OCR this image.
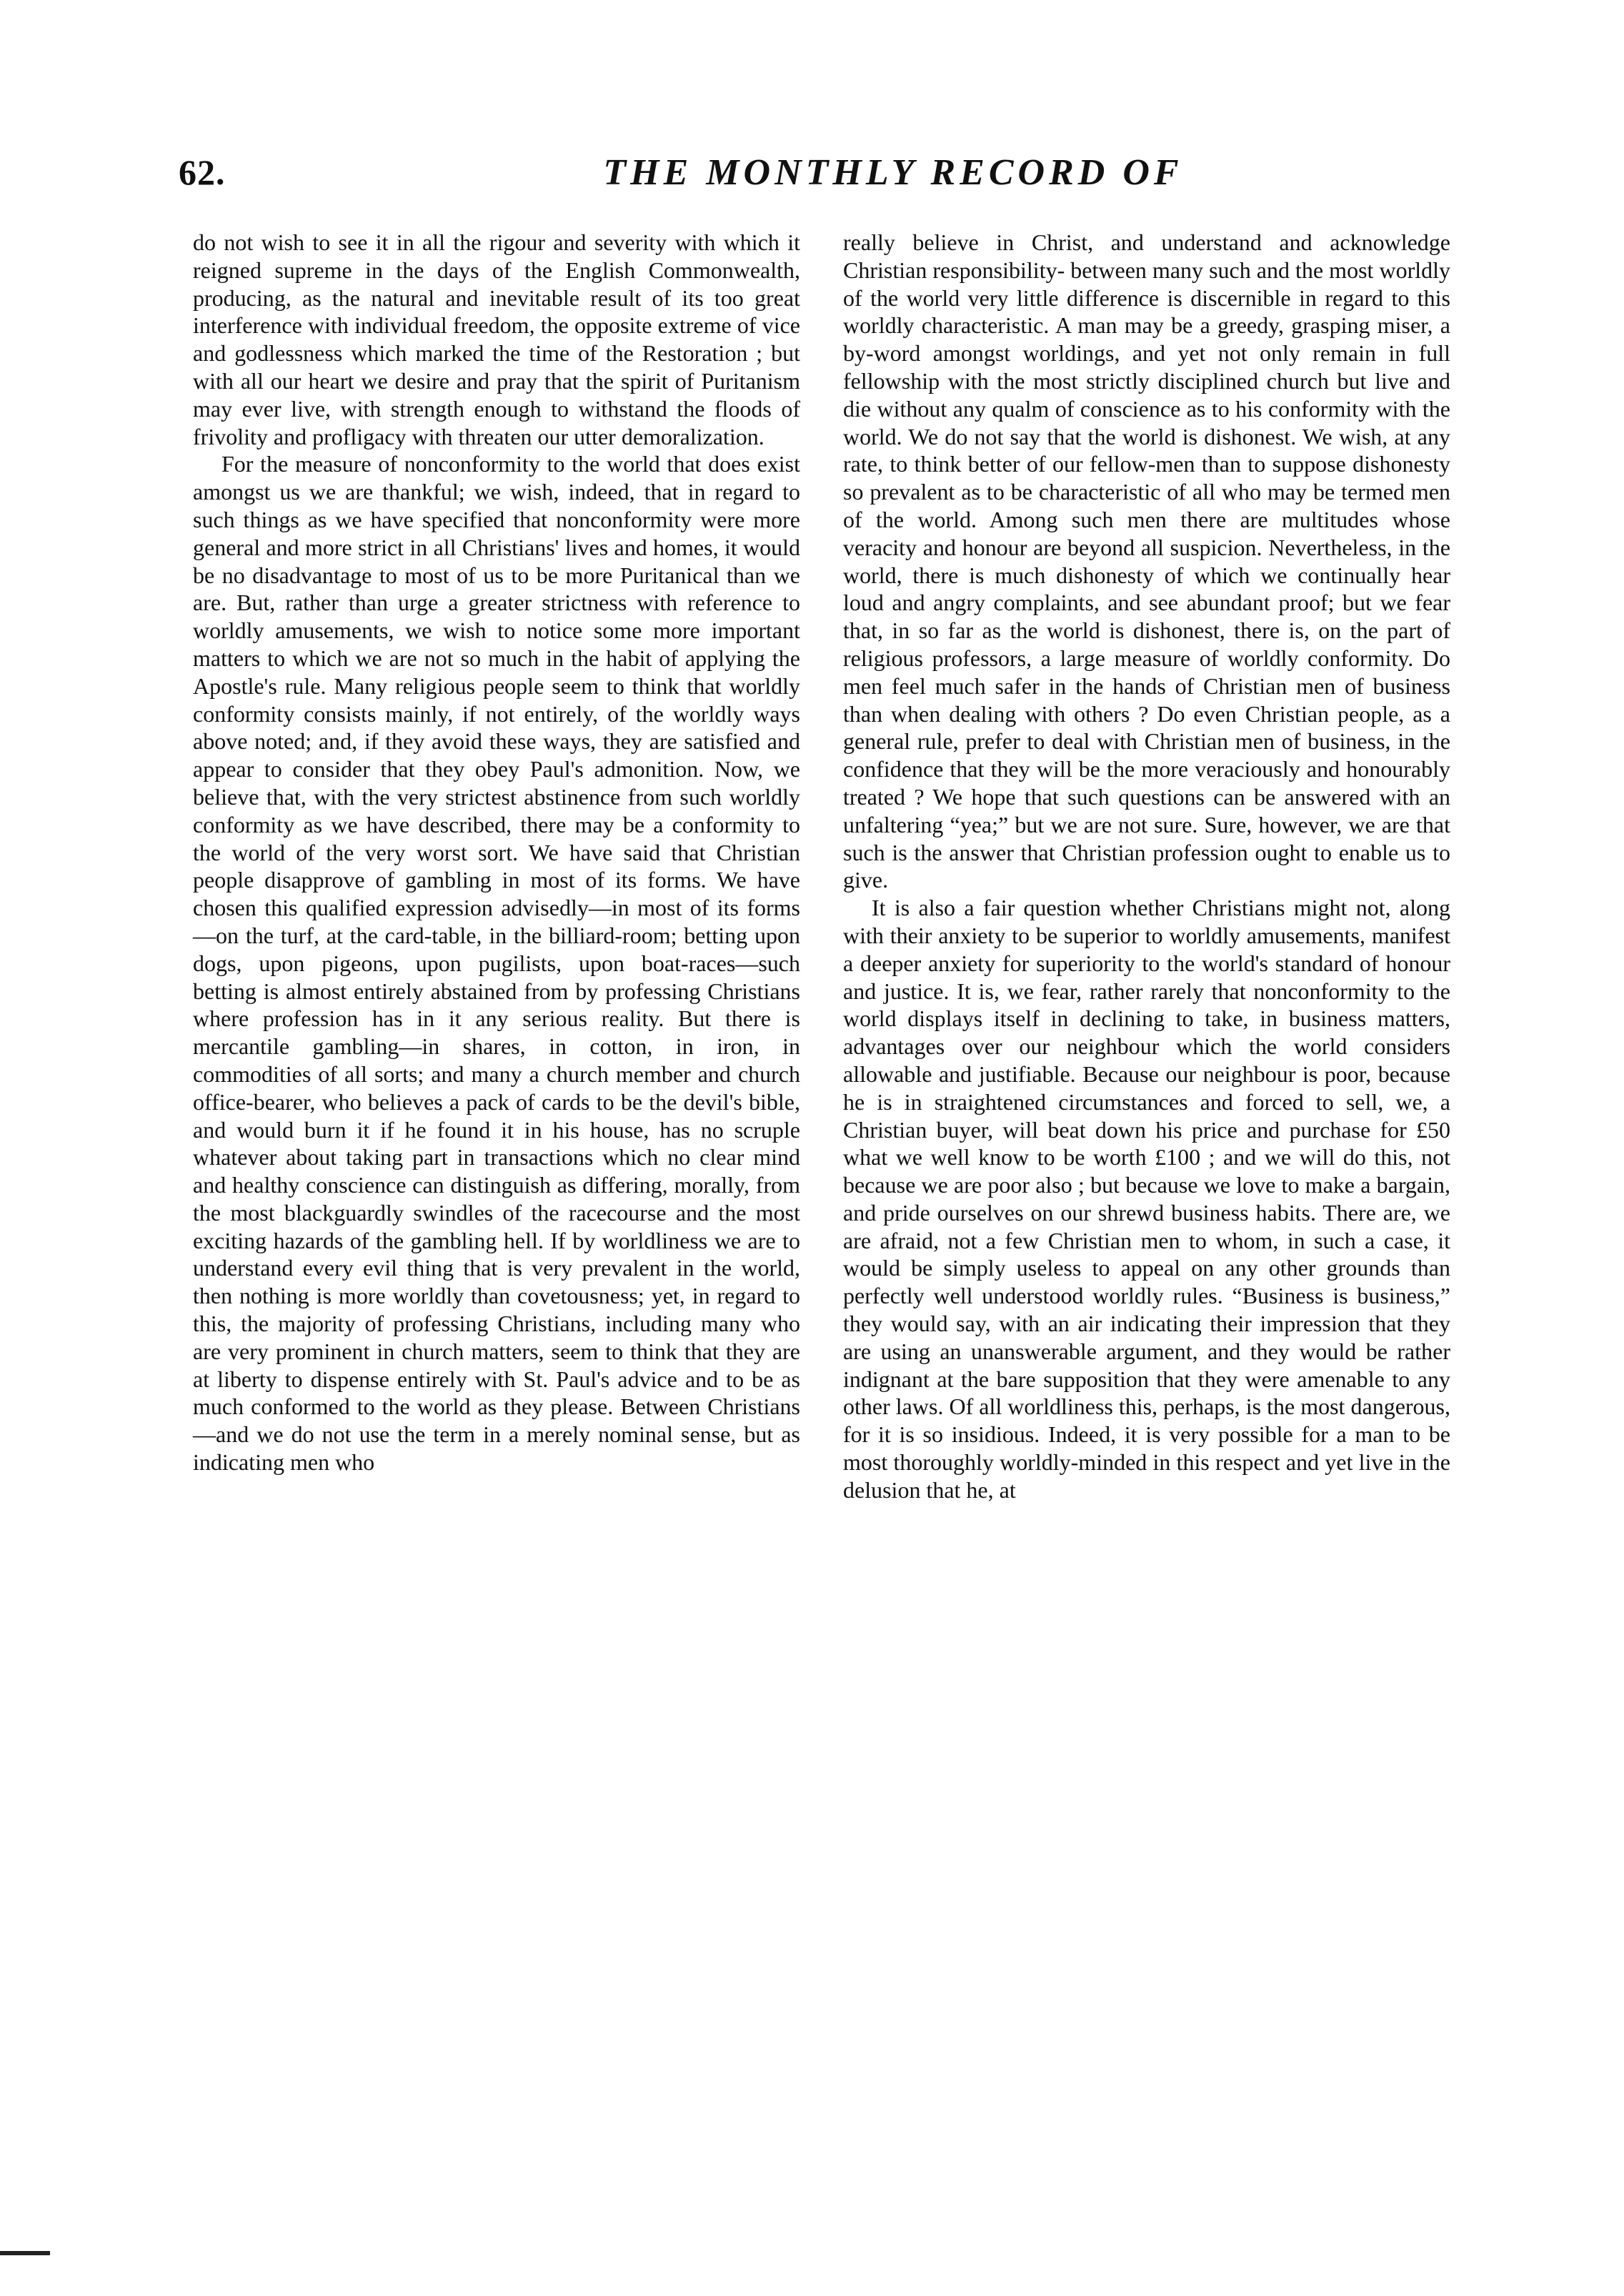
62.	THE MONTHLY RECORD OF

do not wish to see it in all the rigour and severity with which it reigned supreme in the days of the English Commonwealth, producing, as the natural and inevitable result of its too great interference with individual freedom, the opposite extreme of vice and godlessness which marked the time of the Restoration ; but with all our heart we desire and pray that the spirit of Puritanism may ever live, with strength enough to withstand the floods of frivolity and profligacy with threaten our utter demoralization.

For the measure of nonconformity to the world that does exist amongst us we are thankful; we wish, indeed, that in regard to such things as we have specified that nonconformity were more general and more strict in all Christians' lives and homes, it would be no disadvantage to most of us to be more Puritanical than we are. But, rather than urge a greater strictness with reference to worldly amusements, we wish to notice some more important matters to which we are not so much in the habit of applying the Apostle's rule. Many religious people seem to think that worldly conformity consists mainly, if not entirely, of the worldly ways above noted; and, if they avoid these ways, they are satisfied and appear to consider that they obey Paul's admonition. Now, we believe that, with the very strictest abstinence from such worldly conformity as we have described, there may be a conformity to the world of the very worst sort. We have said that Christian people disapprove of gambling in most of its forms. We have chosen this qualified expression advisedly—in most of its forms —on the turf, at the card-table, in the billiard-room; betting upon dogs, upon pigeons, upon pugilists, upon boat-races—such betting is almost entirely abstained from by professing Christians where profession has in it any serious reality. But there is mercantile gambling—in shares, in cotton, in iron, in commodities of all sorts; and many a church member and church office-bearer, who believes a pack of cards to be the devil's bible, and would burn it if he found it in his house, has no scruple whatever about taking part in transactions which no clear mind and healthy conscience can distinguish as differing, morally, from the most blackguardly swindles of the racecourse and the most exciting hazards of the gambling hell. If by worldliness we are to understand every evil thing that is very prevalent in the world, then nothing is more worldly than covetousness; yet, in regard to this, the majority of professing Christians, including many who are very prominent in church matters, seem to think that they are at liberty to dispense entirely with St. Paul's advice and to be as much conformed to the world as they please. Between Christians —and we do not use the term in a merely nominal sense, but as indicating men who

really believe in Christ, and understand and acknowledge Christian responsibility- between many such and the most worldly of the world very little difference is discernible in regard to this worldly characteristic. A man may be a greedy, grasping miser, a by-word amongst worldings, and yet not only remain in full fellowship with the most strictly disciplined church but live and die without any qualm of conscience as to his conformity with the world. We do not say that the world is dishonest. We wish, at any rate, to think better of our fellow-men than to suppose dishonesty so prevalent as to be characteristic of all who may be termed men of the world. Among such men there are multitudes whose veracity and honour are beyond all suspicion. Nevertheless, in the world, there is much dishonesty of which we continually hear loud and angry complaints, and see abundant proof; but we fear that, in so far as the world is dishonest, there is, on the part of religious professors, a large measure of worldly conformity. Do men feel much safer in the hands of Christian men of business than when dealing with others ? Do even Christian people, as a general rule, prefer to deal with Christian men of business, in the confidence that they will be the more veraciously and honourably treated ? We hope that such questions can be answered with an unfaltering “yea;” but we are not sure. Sure, however, we are that such is the answer that Christian profession ought to enable us to give.

It is also a fair question whether Christians might not, along with their anxiety to be superior to worldly amusements, manifest a deeper anxiety for superiority to the world's standard of honour and justice. It is, we fear, rather rarely that nonconformity to the world displays itself in declining to take, in business matters, advantages over our neighbour which the world considers allowable and justifiable. Because our neighbour is poor, because he is in straightened circumstances and forced to sell, we, a Christian buyer, will beat down his price and purchase for £50 what we well know to be worth £100 ; and we will do this, not because we are poor also ; but because we love to make a bargain, and pride ourselves on our shrewd business habits. There are, we are afraid, not a few Christian men to whom, in such a case, it would be simply useless to appeal on any other grounds than perfectly well understood worldly rules. “Business is business,” they would say, with an air indicating their impression that they are using an unanswerable argument, and they would be rather indignant at the bare supposition that they were amenable to any other laws. Of all worldliness this, perhaps, is the most dangerous, for it is so insidious. Indeed, it is very possible for a man to be most thoroughly worldly-minded in this respect and yet live in the delusion that he, at
